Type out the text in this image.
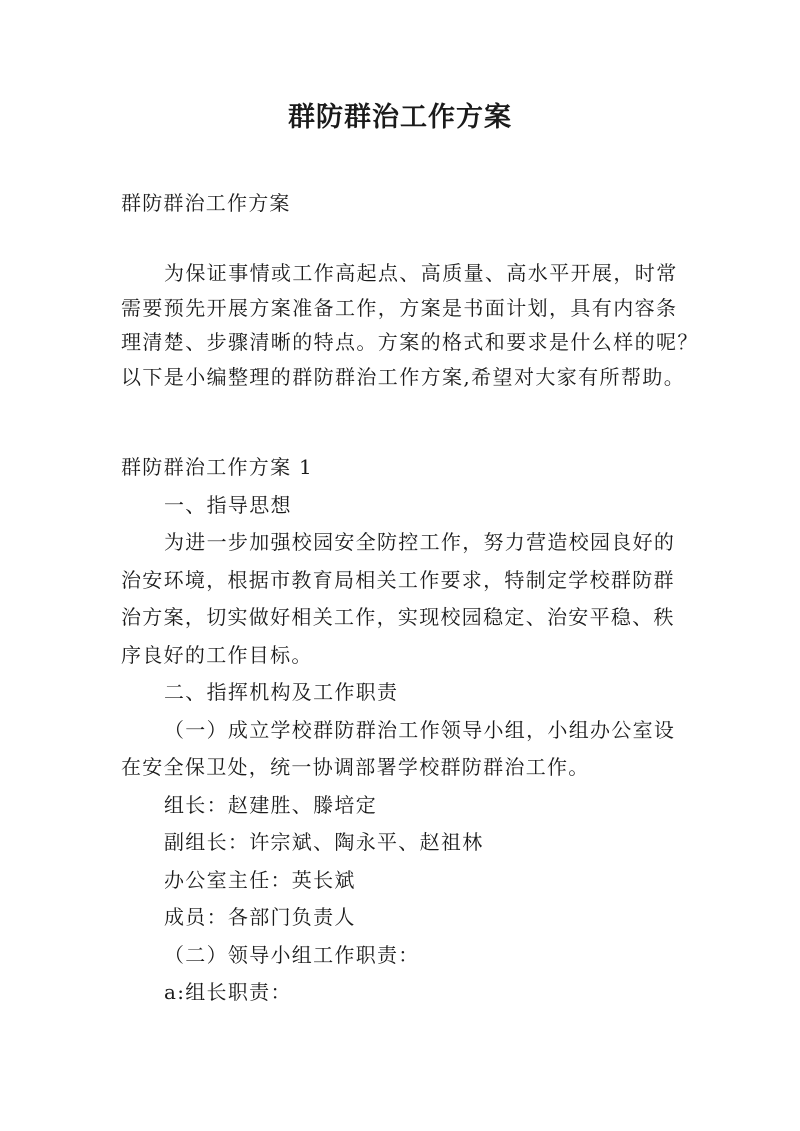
群防群治工作方案
群防群治工作方案
为保证事情或工作高起点、高质量、高水平开展，时常
需要预先开展方案准备工作，方案是书面计划，具有内容条
理清楚、步骤清晰的特点。方案的格式和要求是什么样的呢？
以下是小编整理的群防群治工作方案,希望对大家有所帮助。
群防群治工作方案 1
一、指导思想
为进一步加强校园安全防控工作，努力营造校园良好的
治安环境，根据市教育局相关工作要求，特制定学校群防群
治方案，切实做好相关工作，实现校园稳定、治安平稳、秩
序良好的工作目标。
二、指挥机构及工作职责
（一）成立学校群防群治工作领导小组，小组办公室设
在安全保卫处，统一协调部署学校群防群治工作。
组长：赵建胜、滕培定
副组长：许宗斌、陶永平、赵祖林
办公室主任：英长斌
成员：各部门负责人
（二）领导小组工作职责：
a:组长职责：
